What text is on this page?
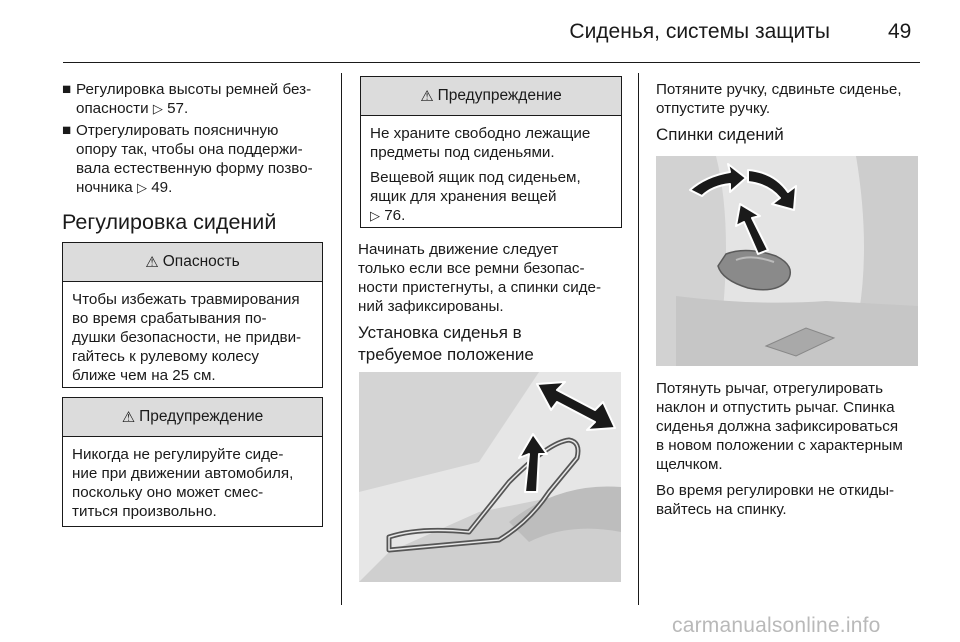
Сиденья, системы защиты	49
■ Регулировка высоты ремней без-
опасности ▷ 57.
■ Отрегулировать поясничную
опору так, чтобы она поддержи-
вала естественную форму позво-
ночника ▷ 49.
Регулировка сидений
⚠ Опасность
Чтобы избежать травмирования
во время срабатывания по-
душки безопасности, не придви-
гайтесь к рулевому колесу
ближе чем на 25 см.
⚠ Предупреждение
Никогда не регулируйте сиде-
ние при движении автомобиля,
поскольку оно может смес-
титься произвольно.
⚠ Предупреждение

Не храните свободно лежащие
предметы под сиденьями.

Вещевой ящик под сиденьем,
ящик для хранения вещей
▷ 76.

Начинать движение следует
только если все ремни безопас-
ности пристегнуты, а спинки сиде-
ний зафиксированы.
Установка сиденья в
требуемое положение
Потяните ручку, сдвиньте сиденье,
отпустите ручку.
Спинки сидений
Потянуть рычаг, отрегулировать
наклон и отпустить рычаг. Спинка
сиденья должна зафиксироваться
в новом положении с характерным
щелчком.
Во время регулировки не откиды-
вайтесь на спинку.
carmanualsonline.info
